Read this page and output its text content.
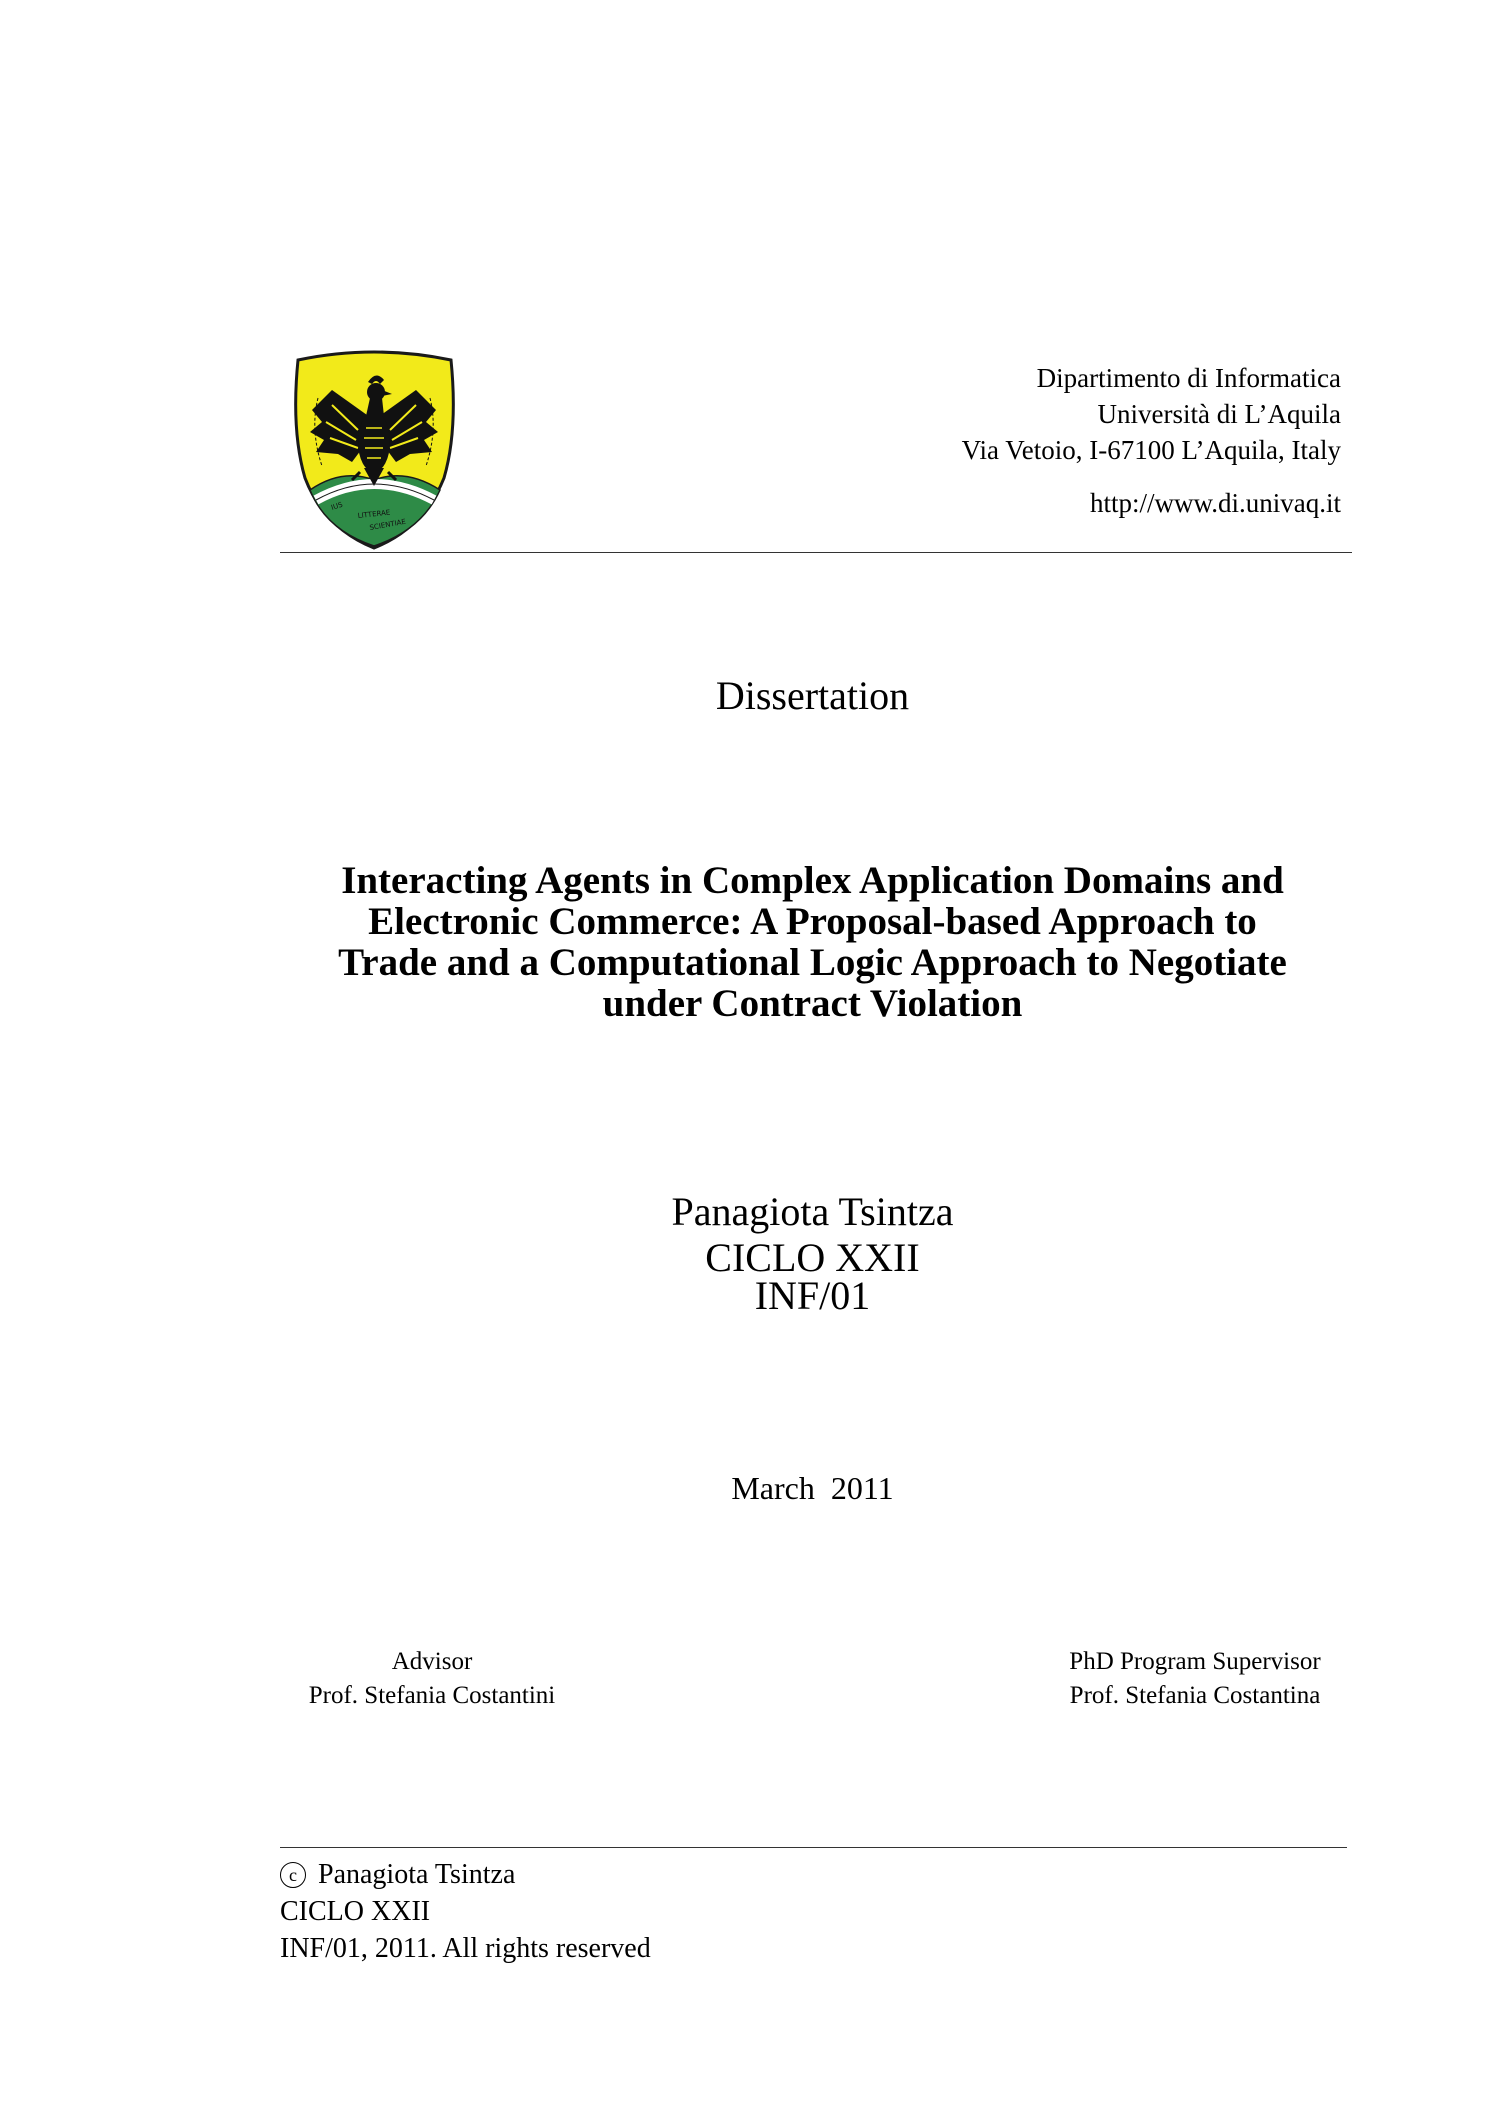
IUS
LITTERAE
SCIENTIAE
Dipartimento di Informatica
Università di L’Aquila
Via Vetoio, I-67100 L’Aquila, Italy
http://www.di.univaq.it
Dissertation
Interacting Agents in Complex Application Domains and
Electronic Commerce: A Proposal-based Approach to
Trade and a Computational Logic Approach to Negotiate
under Contract Violation
Panagiota Tsintza
CICLO XXII
INF/01
March  2011
Advisor
Prof. Stefania Costantini
PhD Program Supervisor
Prof. Stefania Costantina
c Panagiota Tsintza
CICLO XXII
INF/01, 2011. All rights reserved
